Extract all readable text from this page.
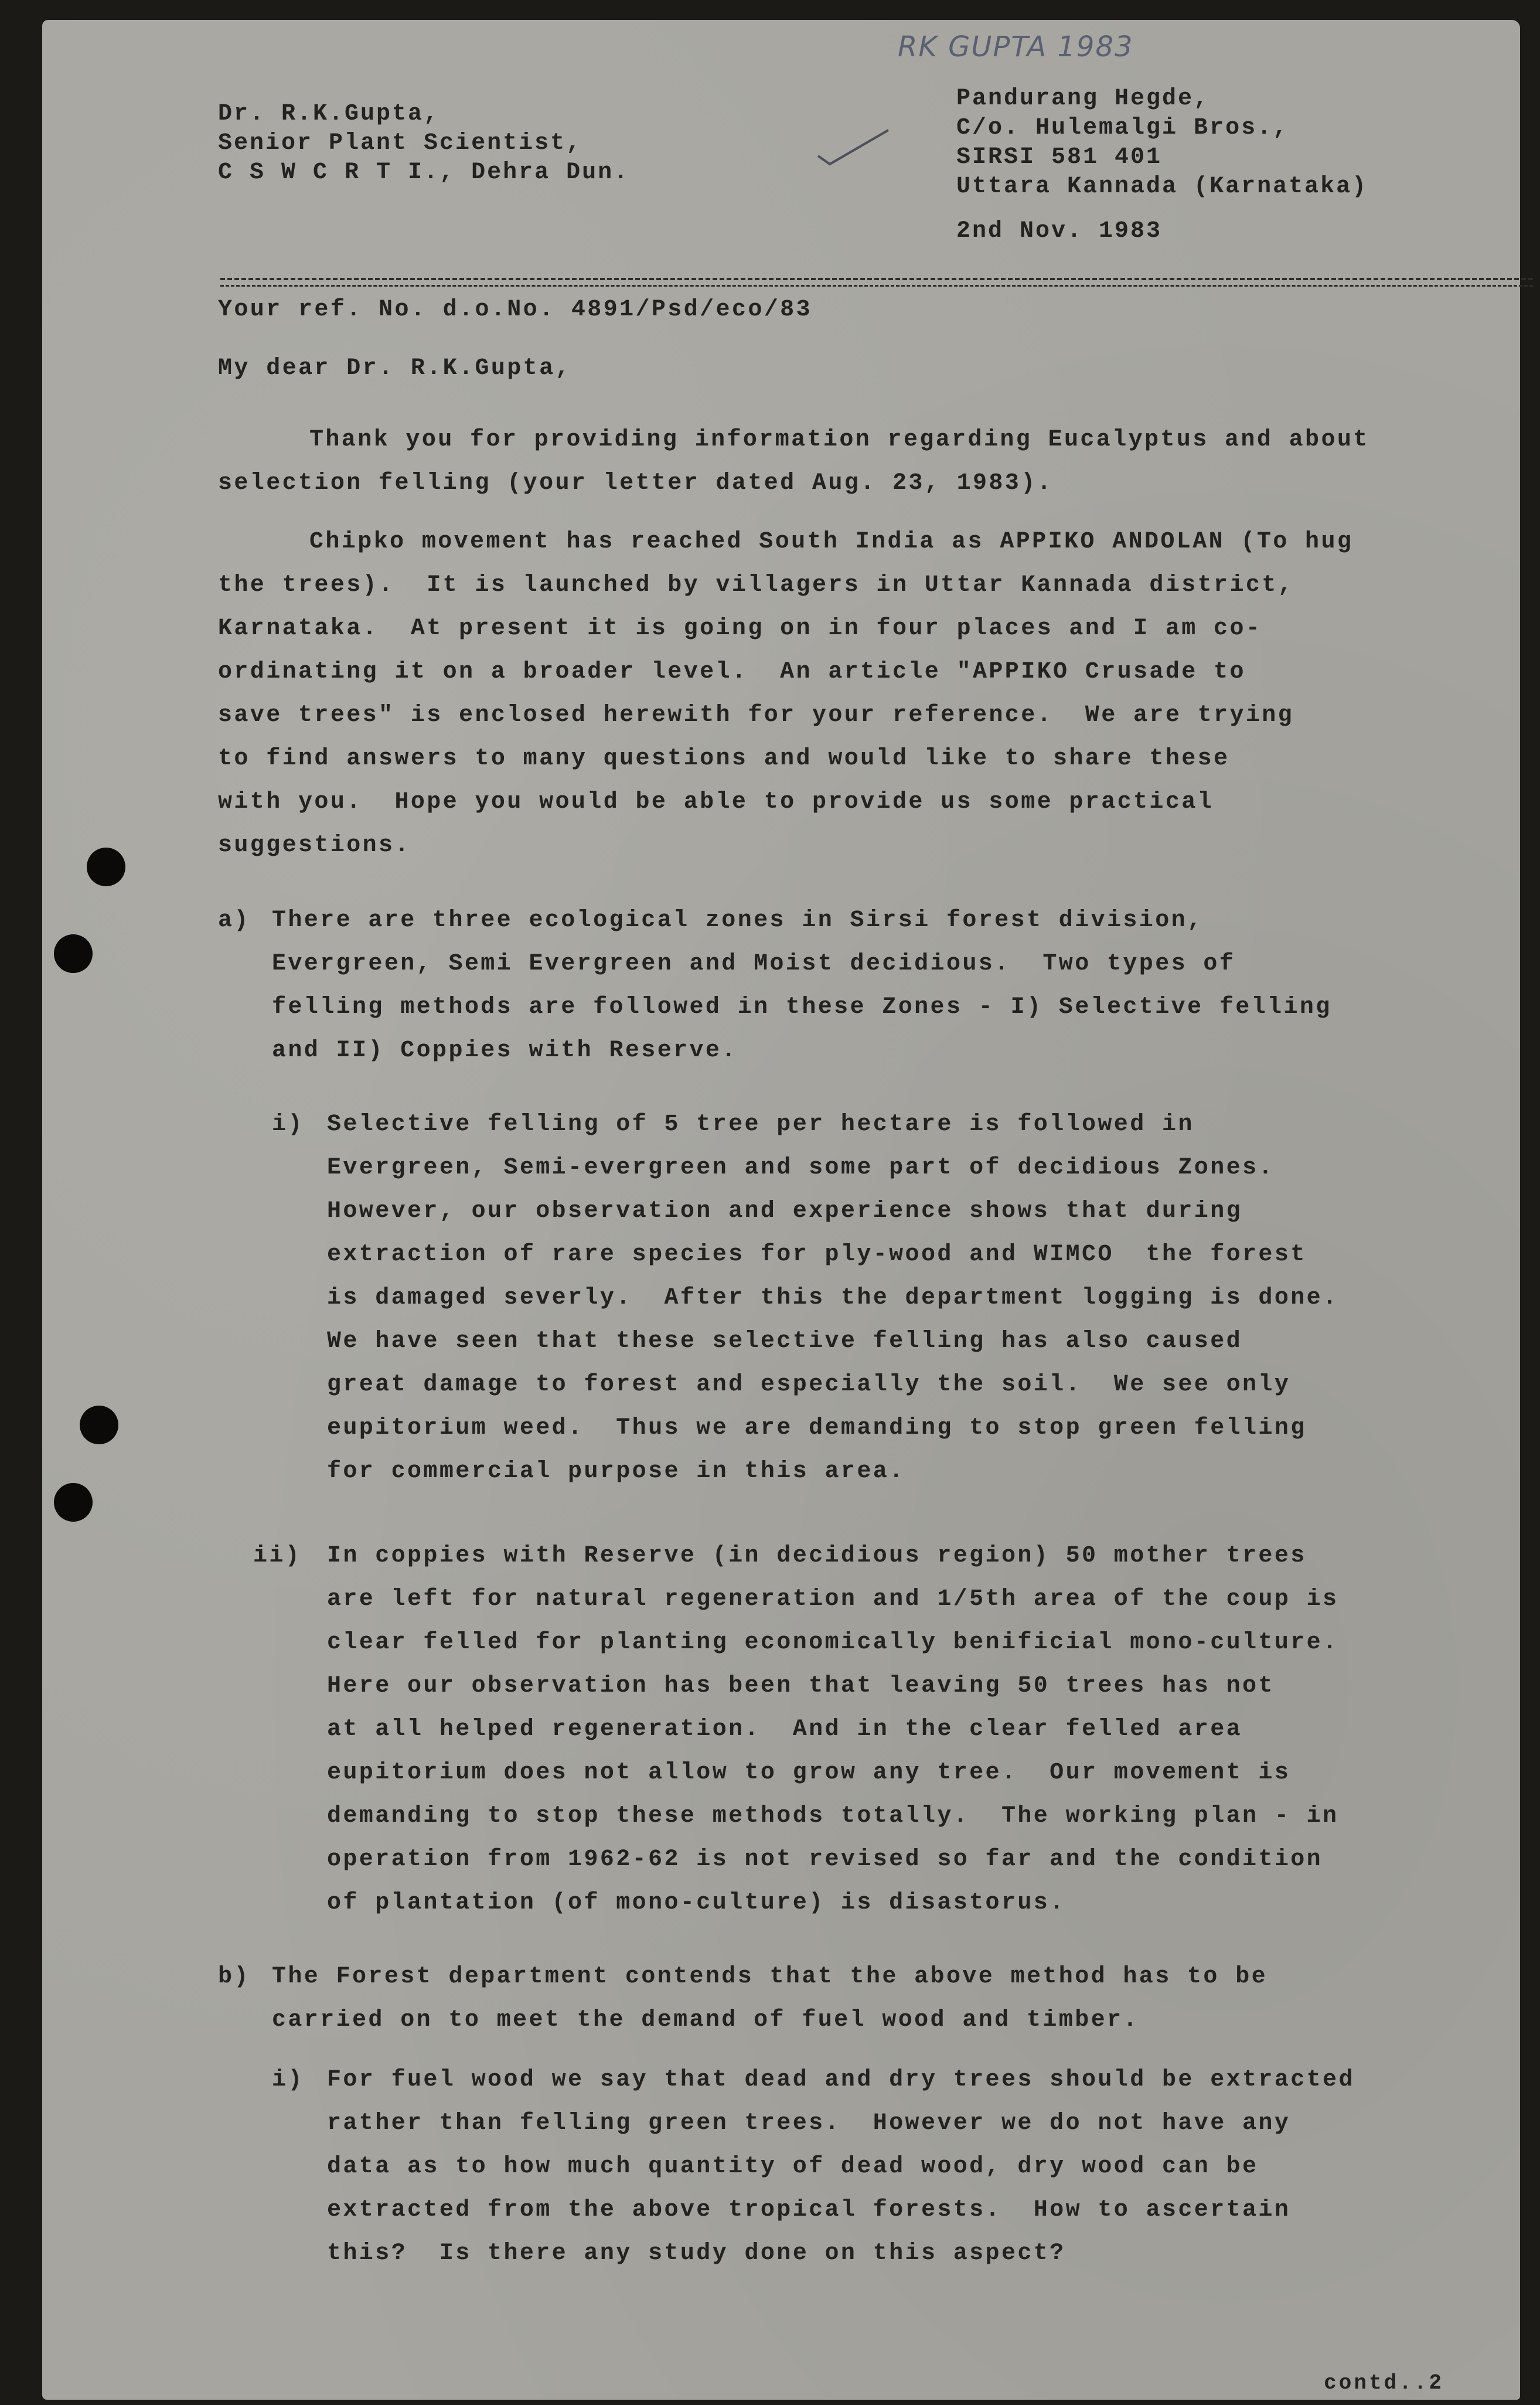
RK GUPTA 1983
Dr. R.K.Gupta,
Senior Plant Scientist,
C S W C R T I., Dehra Dun.
Pandurang Hegde,
C/o. Hulemalgi Bros.,
SIRSI 581 401
Uttara Kannada (Karnataka)
2nd Nov. 1983
Your ref. No. d.o.No. 4891/Psd/eco/83
My dear Dr. R.K.Gupta,
Thank you for providing information regarding Eucalyptus and about
selection felling (your letter dated Aug. 23, 1983).
Chipko movement has reached South India as APPIKO ANDOLAN (To hug
the trees).  It is launched by villagers in Uttar Kannada district,
Karnataka.  At present it is going on in four places and I am co-
ordinating it on a broader level.  An article "APPIKO Crusade to
save trees" is enclosed herewith for your reference.  We are trying
to find answers to many questions and would like to share these
with you.  Hope you would be able to provide us some practical
suggestions.
a) There are three ecological zones in Sirsi forest division,
Evergreen, Semi Evergreen and Moist decidious.  Two types of
felling methods are followed in these Zones - I) Selective felling
and II) Coppies with Reserve.
i) Selective felling of 5 tree per hectare is followed in
Evergreen, Semi-evergreen and some part of decidious Zones.
However, our observation and experience shows that during
extraction of rare species for ply-wood and WIMCO  the forest
is damaged severly.  After this the department logging is done.
We have seen that these selective felling has also caused
great damage to forest and especially the soil.  We see only
eupitorium weed.  Thus we are demanding to stop green felling
for commercial purpose in this area.
ii) In coppies with Reserve (in decidious region) 50 mother trees
are left for natural regeneration and 1/5th area of the coup is
clear felled for planting economically benificial mono-culture.
Here our observation has been that leaving 50 trees has not
at all helped regeneration.  And in the clear felled area
eupitorium does not allow to grow any tree.  Our movement is
demanding to stop these methods totally.  The working plan - in
operation from 1962-62 is not revised so far and the condition
of plantation (of mono-culture) is disastorus.
b) The Forest department contends that the above method has to be
carried on to meet the demand of fuel wood and timber.
i) For fuel wood we say that dead and dry trees should be extracted
rather than felling green trees.  However we do not have any
data as to how much quantity of dead wood, dry wood can be
extracted from the above tropical forests.  How to ascertain
this?  Is there any study done on this aspect?
contd..2
